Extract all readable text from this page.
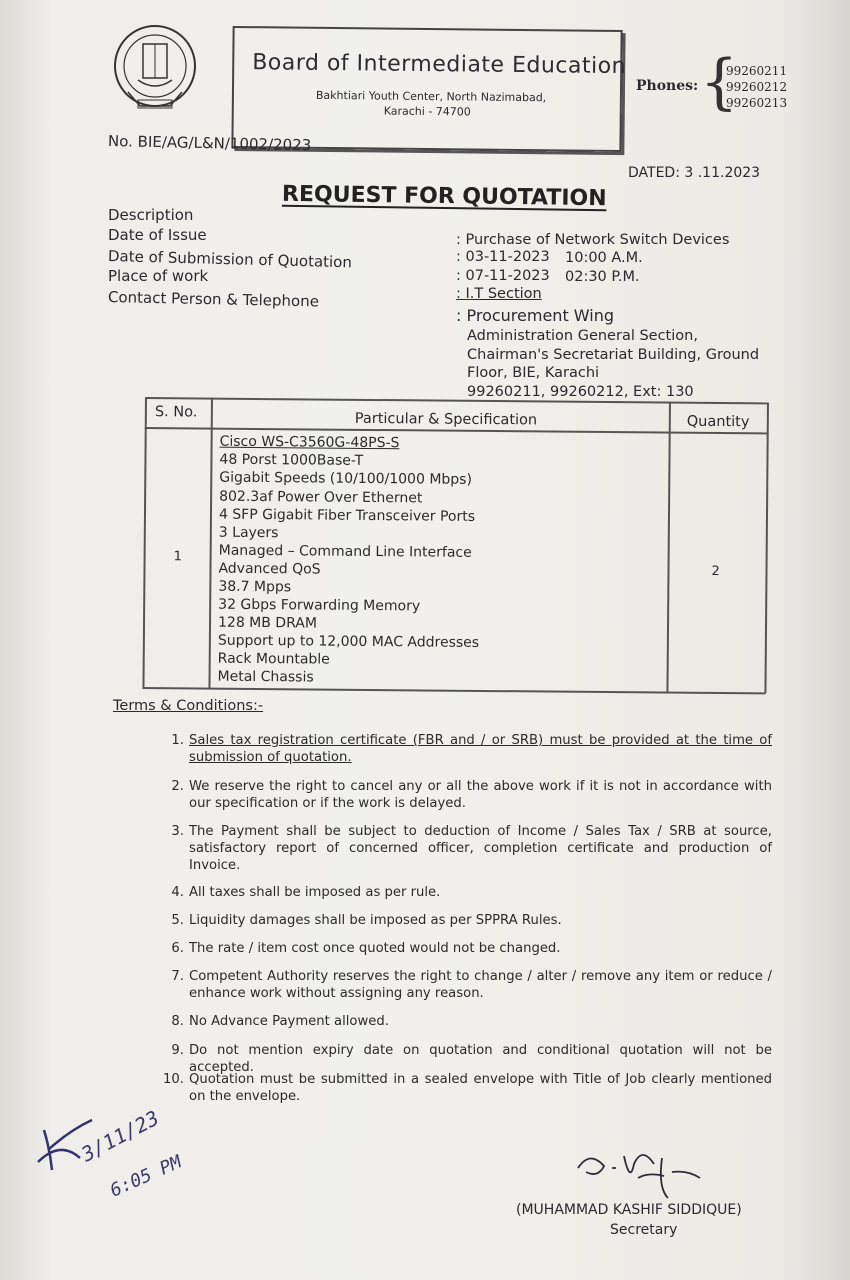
Board of Intermediate Education
Bakhtiari Youth Center, North Nazimabad,
Karachi - 74700
Phones: {
99260211
99260212
99260213
No. BIE/AG/L&N/1002/2023
DATED: 3 .11.2023
REQUEST FOR QUOTATION
Description
Date of Issue
Date of Submission of Quotation
Place of work
Contact Person & Telephone
: Purchase of Network Switch Devices
: 03-11-2023 10:00 A.M.
: 07-11-2023 02:30 P.M.
: I.T Section
: Procurement Wing
Administration General Section,
Chairman's Secretariat Building, Ground
Floor, BIE, Karachi
99260211, 99260212, Ext: 130
S. No.	Particular & Specification	Quantity
1
2
Cisco WS-C3560G-48PS-S
48 Porst 1000Base-T
Gigabit Speeds (10/100/1000 Mbps)
802.3af Power Over Ethernet
4 SFP Gigabit Fiber Transceiver Ports
3 Layers
Managed – Command Line Interface
Advanced QoS
38.7 Mpps
32 Gbps Forwarding Memory
128 MB DRAM
Support up to 12,000 MAC Addresses
Rack Mountable
Metal Chassis
Terms & Conditions:-
1. Sales tax registration certificate (FBR and / or SRB) must be provided at the time of submission of quotation.
2. We reserve the right to cancel any or all the above work if it is not in accordance with our specification or if the work is delayed.
3. The Payment shall be subject to deduction of Income / Sales Tax / SRB at source, satisfactory report of concerned officer, completion certificate and production of Invoice.
4. All taxes shall be imposed as per rule.
5. Liquidity damages shall be imposed as per SPPRA Rules.
6. The rate / item cost once quoted would not be changed.
7. Competent Authority reserves the right to change / alter / remove any item or reduce / enhance work without assigning any reason.
8. No Advance Payment allowed.
9. Do not mention expiry date on quotation and conditional quotation will not be accepted.
10. Quotation must be submitted in a sealed envelope with Title of Job clearly mentioned on the envelope.
3/11/23
6:05 PM
(MUHAMMAD KASHIF SIDDIQUE)
Secretary
